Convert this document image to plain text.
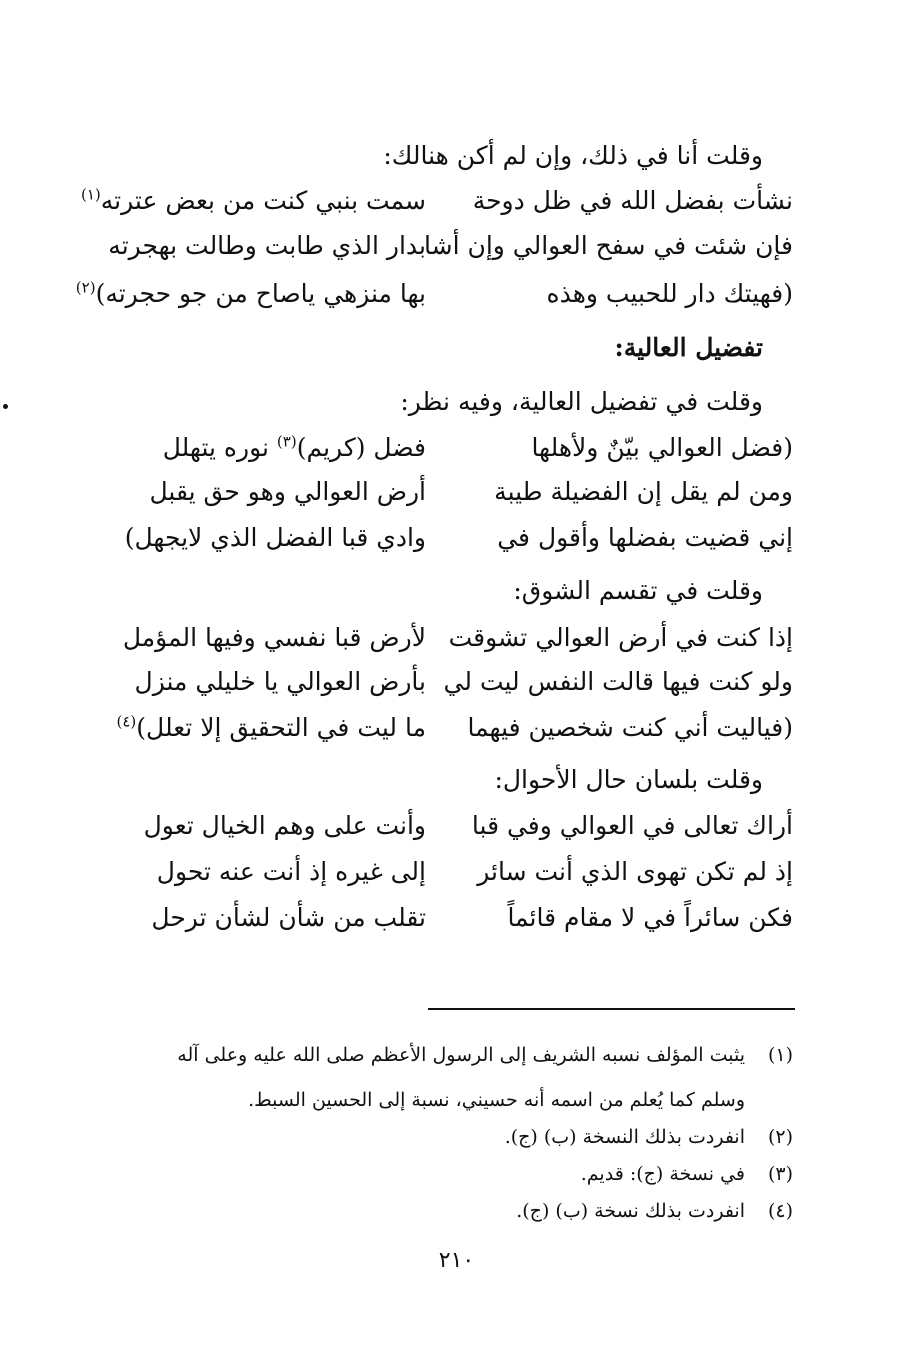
وقلت أنا في ذلك، وإن لم أكن هنالك:
نشأت بفضل الله في ظل دوحة
سمت بنبي كنت من بعض عترته$^{(١)}$
فإن شئت في سفح العوالي وإن أشا
بدار الذي طابت وطالت بهجرته
(فهيتك دار للحبيب وهذه
بها منزهي ياصاح من جو حجرته)$^{(٢)}$
تفضيل العالية:
وقلت في تفضيل العالية، وفيه نظر:
(فضل العوالي بيّنٌ ولأهلها
فضل (كريم)$^{(٣)}$ نوره يتهلل
ومن لم يقل إن الفضيلة طيبة
أرض العوالي وهو حق يقبل
إني قضيت بفضلها وأقول في
وادي قبا الفضل الذي لايجهل)
وقلت في تقسم الشوق:
إذا كنت في أرض العوالي تشوقت
لأرض قبا نفسي وفيها المؤمل
ولو كنت فيها قالت النفس ليت لي
بأرض العوالي يا خليلي منزل
(فياليت أني كنت شخصين فيهما
ما ليت في التحقيق إلا تعلل)$^{(٤)}$
وقلت بلسان حال الأحوال:
أراك تعالى في العوالي وفي قبا
وأنت على وهم الخيال تعول
إذ لم تكن تهوى الذي أنت سائر
إلى غيره إذ أنت عنه تحول
فكن سائراً في لا مقام قائماً
تقلب من شأن لشأن ترحل
(١)يثبت المؤلف نسبه الشريف إلى الرسول الأعظم صلى الله عليه وعلى آله
وسلم كما يُعلم من اسمه أنه حسيني، نسبة إلى الحسين السبط.
(٢)انفردت بذلك النسخة (ب) (ج).
(٣)في نسخة (ج): قديم.
(٤)انفردت بذلك نسخة (ب) (ج).
٢١٠
